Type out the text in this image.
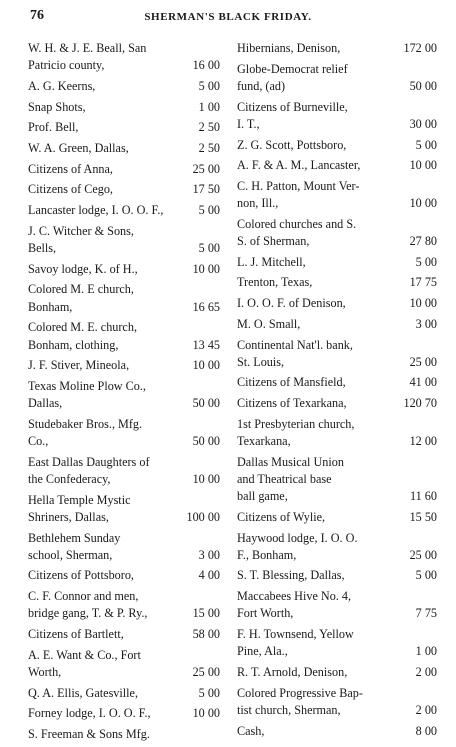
76	SHERMAN'S BLACK FRIDAY.
W. H. & J. E. Beall, San
Patricio county,	16 00
A. G. Keerns,	5 00
Snap Shots,	1 00
Prof. Bell,	2 50
W. A. Green, Dallas,	2 50
Citizens of Anna,	25 00
Citizens of Cego,	17 50
Lancaster lodge, I. O. O. F.,	5 00
J. C. Witcher & Sons,
Bells,	5 00
Savoy lodge, K. of H.,	10 00
Colored M. E church,
Bonham,	16 65
Colored M. E. church,
Bonham, clothing,	13 45
J. F. Stiver, Mineola,	10 00
Texas Moline Plow Co.,
Dallas,	50 00
Studebaker Bros., Mfg.
Co.,	50 00
East Dallas Daughters of
the Confederacy,	10 00
Hella Temple Mystic
Shriners, Dallas,	100 00
Bethlehem Sunday
school, Sherman,	3 00
Citizens of Pottsboro,	4 00
C. F. Connor and men,
bridge gang, T. & P. Ry.,	15 00
Citizens of Bartlett,	58 00
A. E. Want & Co., Fort
Worth,	25 00
Q. A. Ellis, Gatesville,	5 00
Forney lodge, I. O. O. F.,	10 00
S. Freeman & Sons Mfg.
Hibernians, Denison,	172 00
Globe-Democrat relief
fund, (ad)	50 00
Citizens of Burneville,
I. T.,	30 00
Z. G. Scott, Pottsboro,	5 00
A. F. & A. M., Lancaster,	10 00
C. H. Patton, Mount Ver-
non, Ill.,	10 00
Colored churches and S.
S. of Sherman,	27 80
L. J. Mitchell,	5 00
Trenton, Texas,	17 75
I. O. O. F. of Denison,	10 00
M. O. Small,	3 00
Continental Nat'l. bank,
St. Louis,	25 00
Citizens of Mansfield,	41 00
Citizens of Texarkana,	120 70
1st Presbyterian church,
Texarkana,	12 00
Dallas Musical Union
and Theatrical base
ball game,	11 60
Citizens of Wylie,	15 50
Haywood lodge, I. O. O.
F., Bonham,	25 00
S. T. Blessing, Dallas,	5 00
Maccabees Hive No. 4,
Fort Worth,	7 75
F. H. Townsend, Yellow
Pine, Ala.,	1 00
R. T. Arnold, Denison,	2 00
Colored Progressive Bap-
tist church, Sherman,	2 00
Cash,	8 00
